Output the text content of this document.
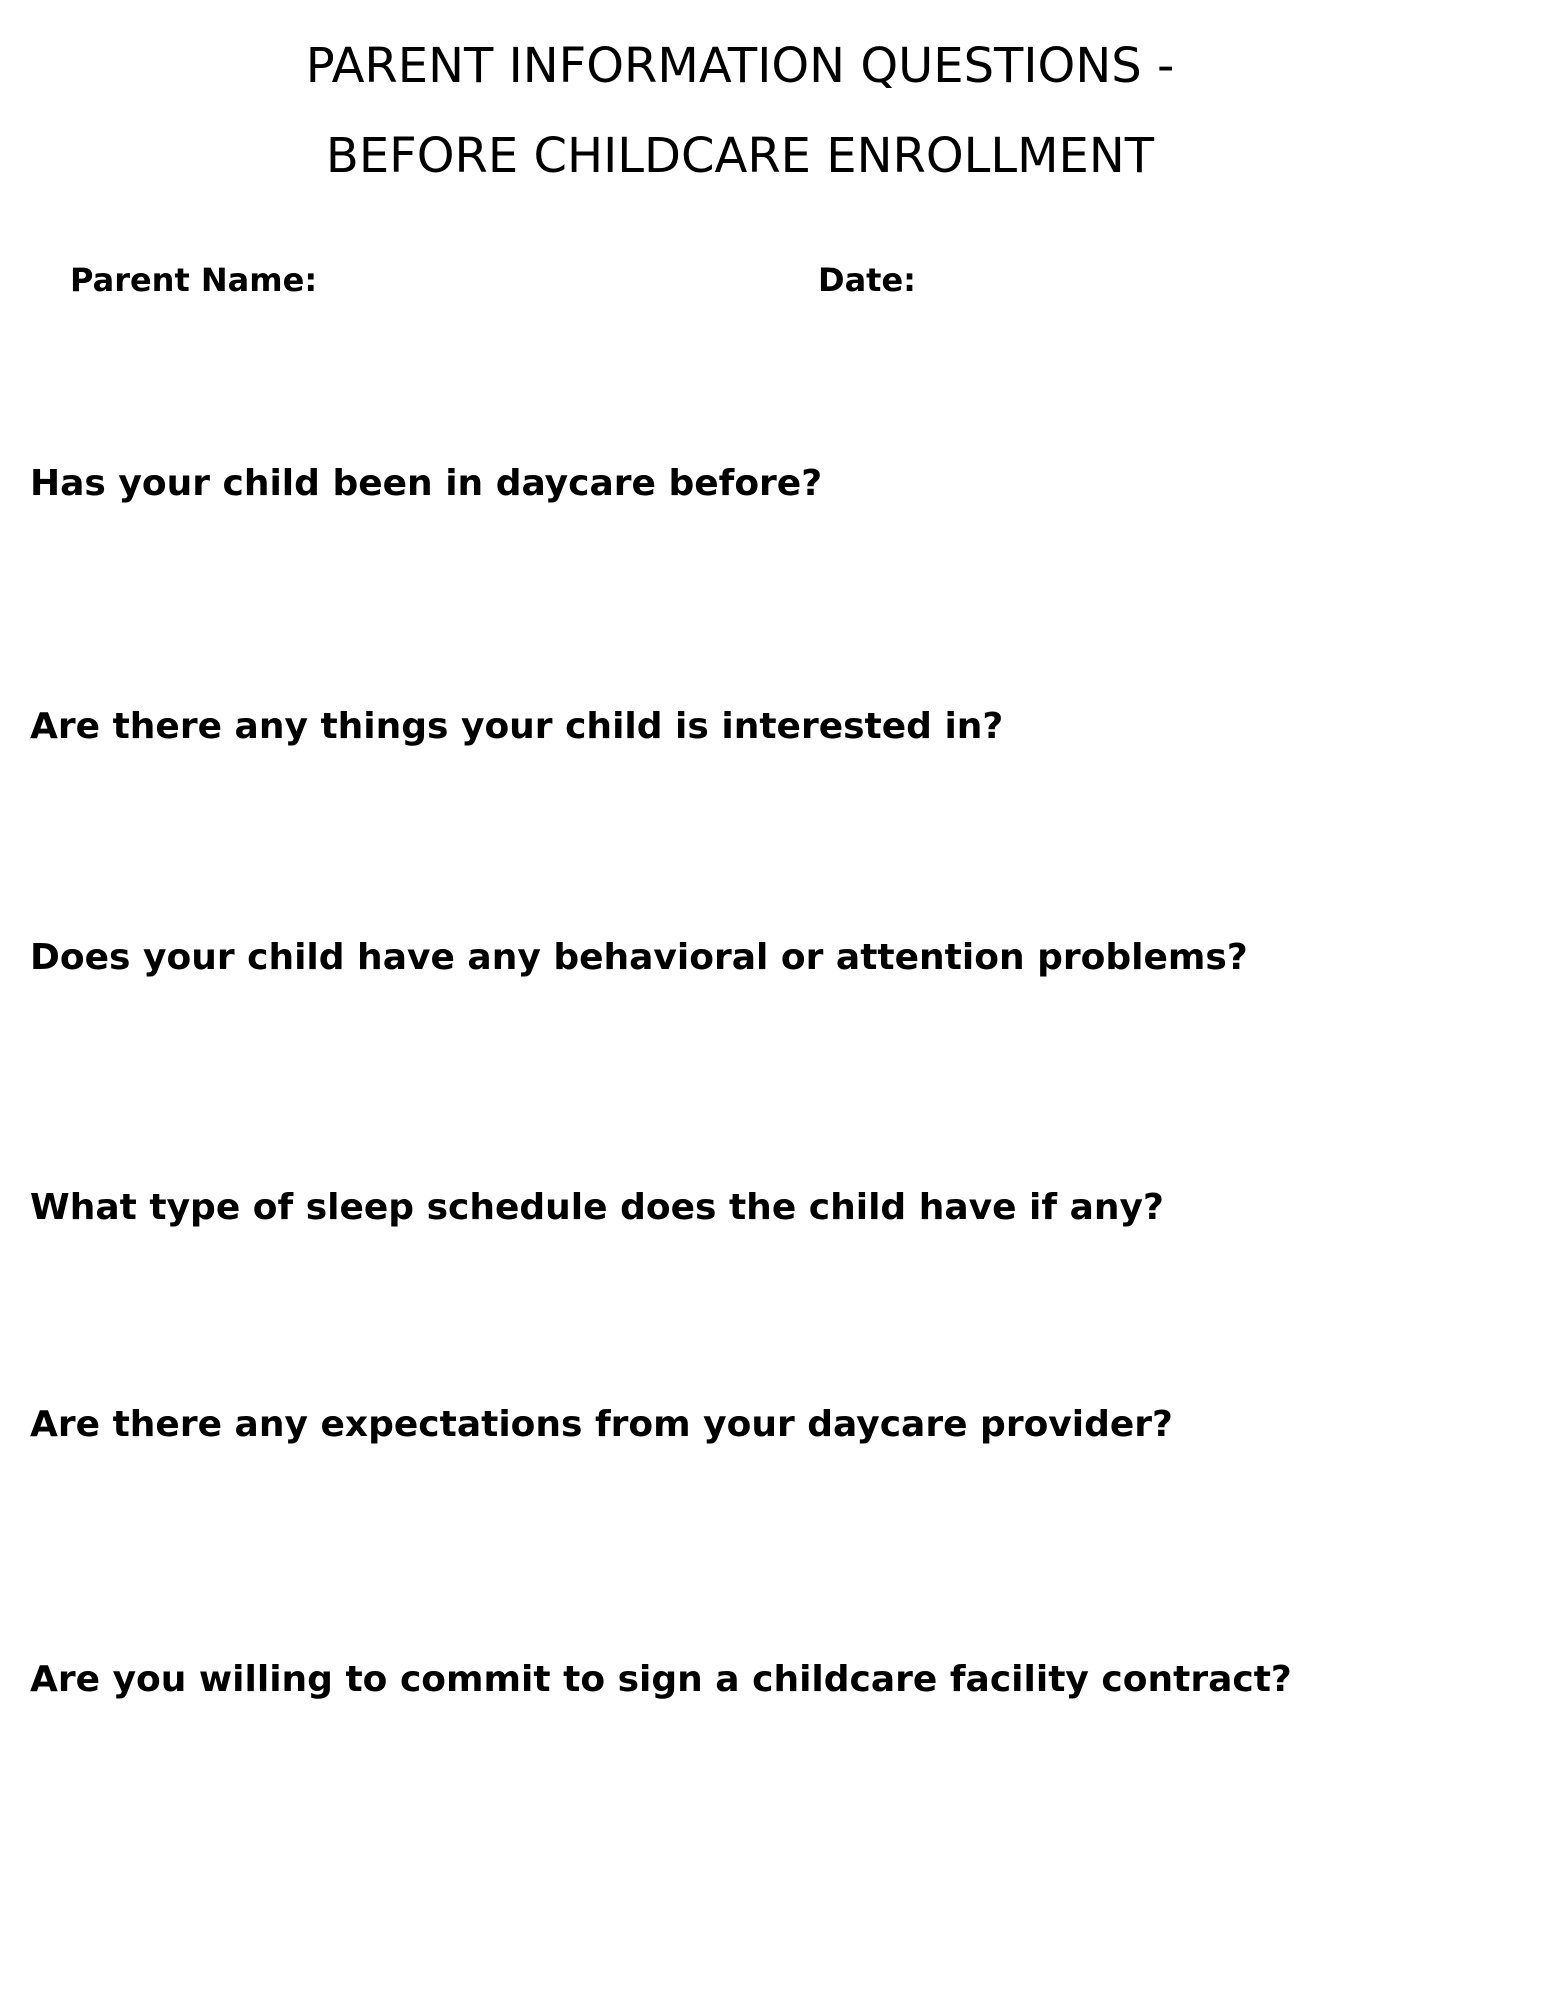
PARENT INFORMATION QUESTIONS -
BEFORE CHILDCARE ENROLLMENT
Parent Name:	Date:
Has your child been in daycare before?
Are there any things your child is interested in?
Does your child have any behavioral or attention problems?
What type of sleep schedule does the child have if any?
Are there any expectations from your daycare provider?
Are you willing to commit to sign a childcare facility contract?
